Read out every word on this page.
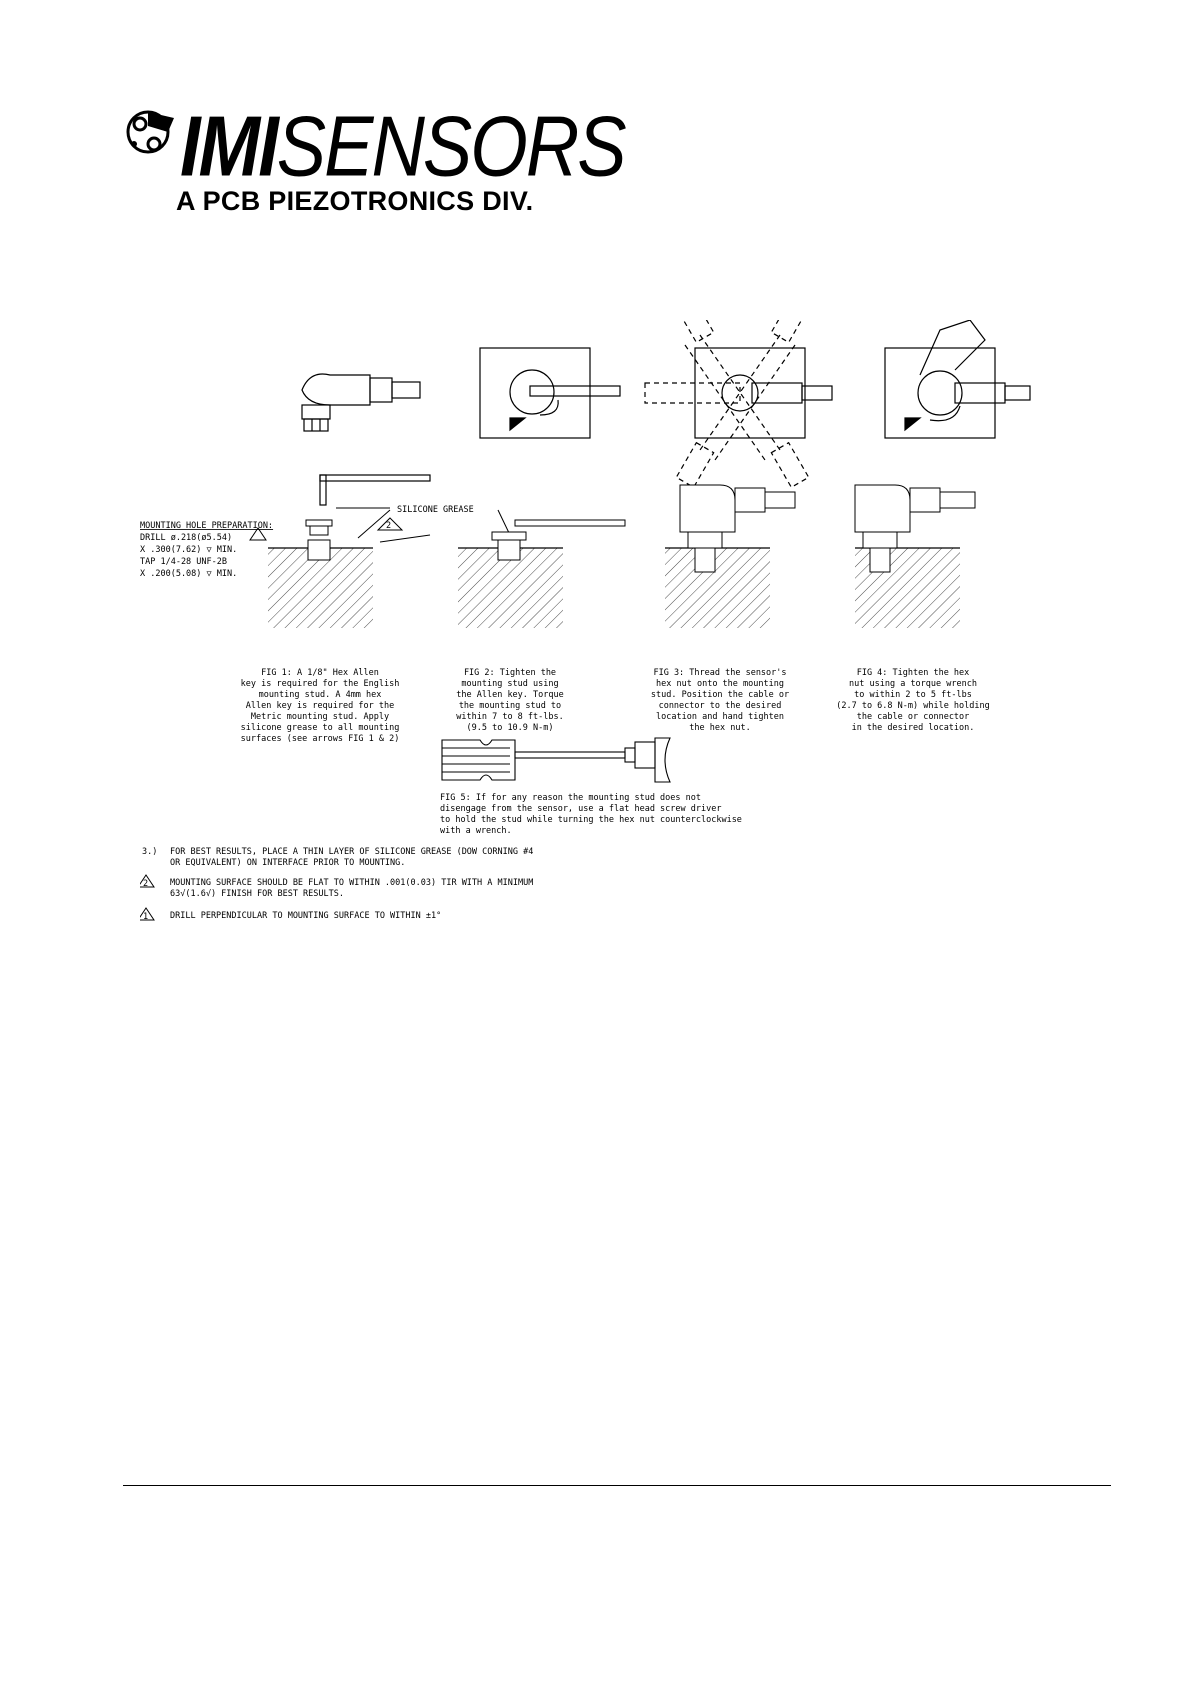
IMISENSORS
A PCB PIEZOTRONICS DIV.
2
MOUNTING HOLE PREPARATION:
DRILL ø.218(ø5.54)
X .300(7.62) ▽ MIN.
TAP 1/4-28 UNF-2B
X .200(5.08) ▽ MIN.
SILICONE GREASE
FIG 1: A 1/8" Hex Allen
key is required for the English
mounting stud. A 4mm hex
Allen key is required for the
Metric mounting stud. Apply
silicone grease to all mounting
surfaces (see arrows FIG 1 & 2)
FIG 2: Tighten the
mounting stud using
the Allen key. Torque
the mounting stud to
within 7 to 8 ft-lbs.
(9.5 to 10.9 N-m)
FIG 3: Thread the sensor's
hex nut onto the mounting
stud. Position the cable or
connector to the desired
location and hand tighten
the hex nut.
FIG 4: Tighten the hex
nut using a torque wrench
to within 2 to 5 ft-lbs
(2.7 to 6.8 N-m) while holding
the cable or connector
in the desired location.
FIG 5: If for any reason the mounting stud does not
disengage from the sensor, use a flat head screw driver
to hold the stud while turning the hex nut counterclockwise
with a wrench.
3.) FOR BEST RESULTS, PLACE A THIN LAYER OF SILICONE GREASE (DOW CORNING #4
OR EQUIVALENT) ON INTERFACE PRIOR TO MOUNTING.
2	MOUNTING SURFACE SHOULD BE FLAT TO WITHIN .001(0.03) TIR WITH A MINIMUM
63√(1.6√) FINISH FOR BEST RESULTS.
1	DRILL PERPENDICULAR TO MOUNTING SURFACE TO WITHIN ±1°
